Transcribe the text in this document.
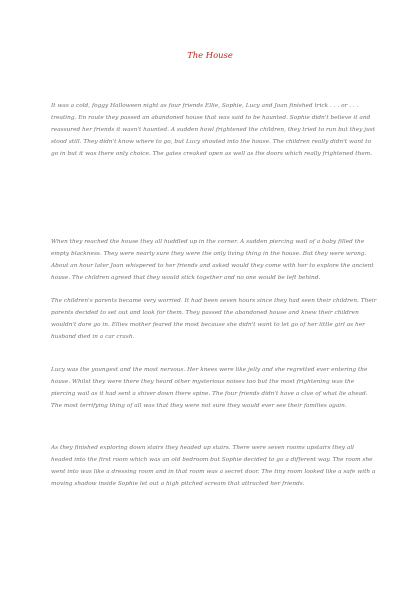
The House

It was a cold, foggy Halloween night as four friends Ellie, Sophie, Lucy and Joan finished trick . . . or . . . treating. En route they passed an abandoned house that was said to be haunted. Sophie didn't believe it and reassured her friends it wasn't haunted. A sudden howl frightened the children, they tried to run but they just stood still. They didn't know where to go, but Lucy shouted into the house. The children really didn't want to go in but it was there only choice. The gates creaked open as well as the doors which really frightened them.

When they reached the house they all huddled up in the corner. A sudden piercing wail of a baby filled the empty blackness. They were nearly sure they were the only living thing in the house. But they were wrong. About an hour later Joan whispered to her friends and asked would they come with her to explore the ancient house. The children agreed that they would stick together and no one would be left behind.

The children's parents became very worried. It had been seven hours since they had seen their children. Their parents decided to set out and look for them. They passed the abandoned house and knew their children wouldn't dare go in. Ellies mother feared the most because she didn't want to let go of her little girl as her husband died in a car crash.

Lucy was the youngest and the most nervous. Her knees were like jelly and she regretted ever entering the house. Whilst they were there they heard other mysterious noises too but the most frightening was the piercing wail as it had sent a shiver down there spine. The four friends didn't have a clue of what lie ahead. The most terrifying thing of all was that they were not sure they would ever see their families again.

As they finished exploring down stairs they headed up stairs. There were seven rooms upstairs they all headed into the first room which was an old bedroom but Sophie decided to go a different way. The room she went into was like a dressing room and in that room was a secret door. The tiny room looked like a safe with a moving shadow inside Sophie let out a high pitched scream that attracted her friends.
